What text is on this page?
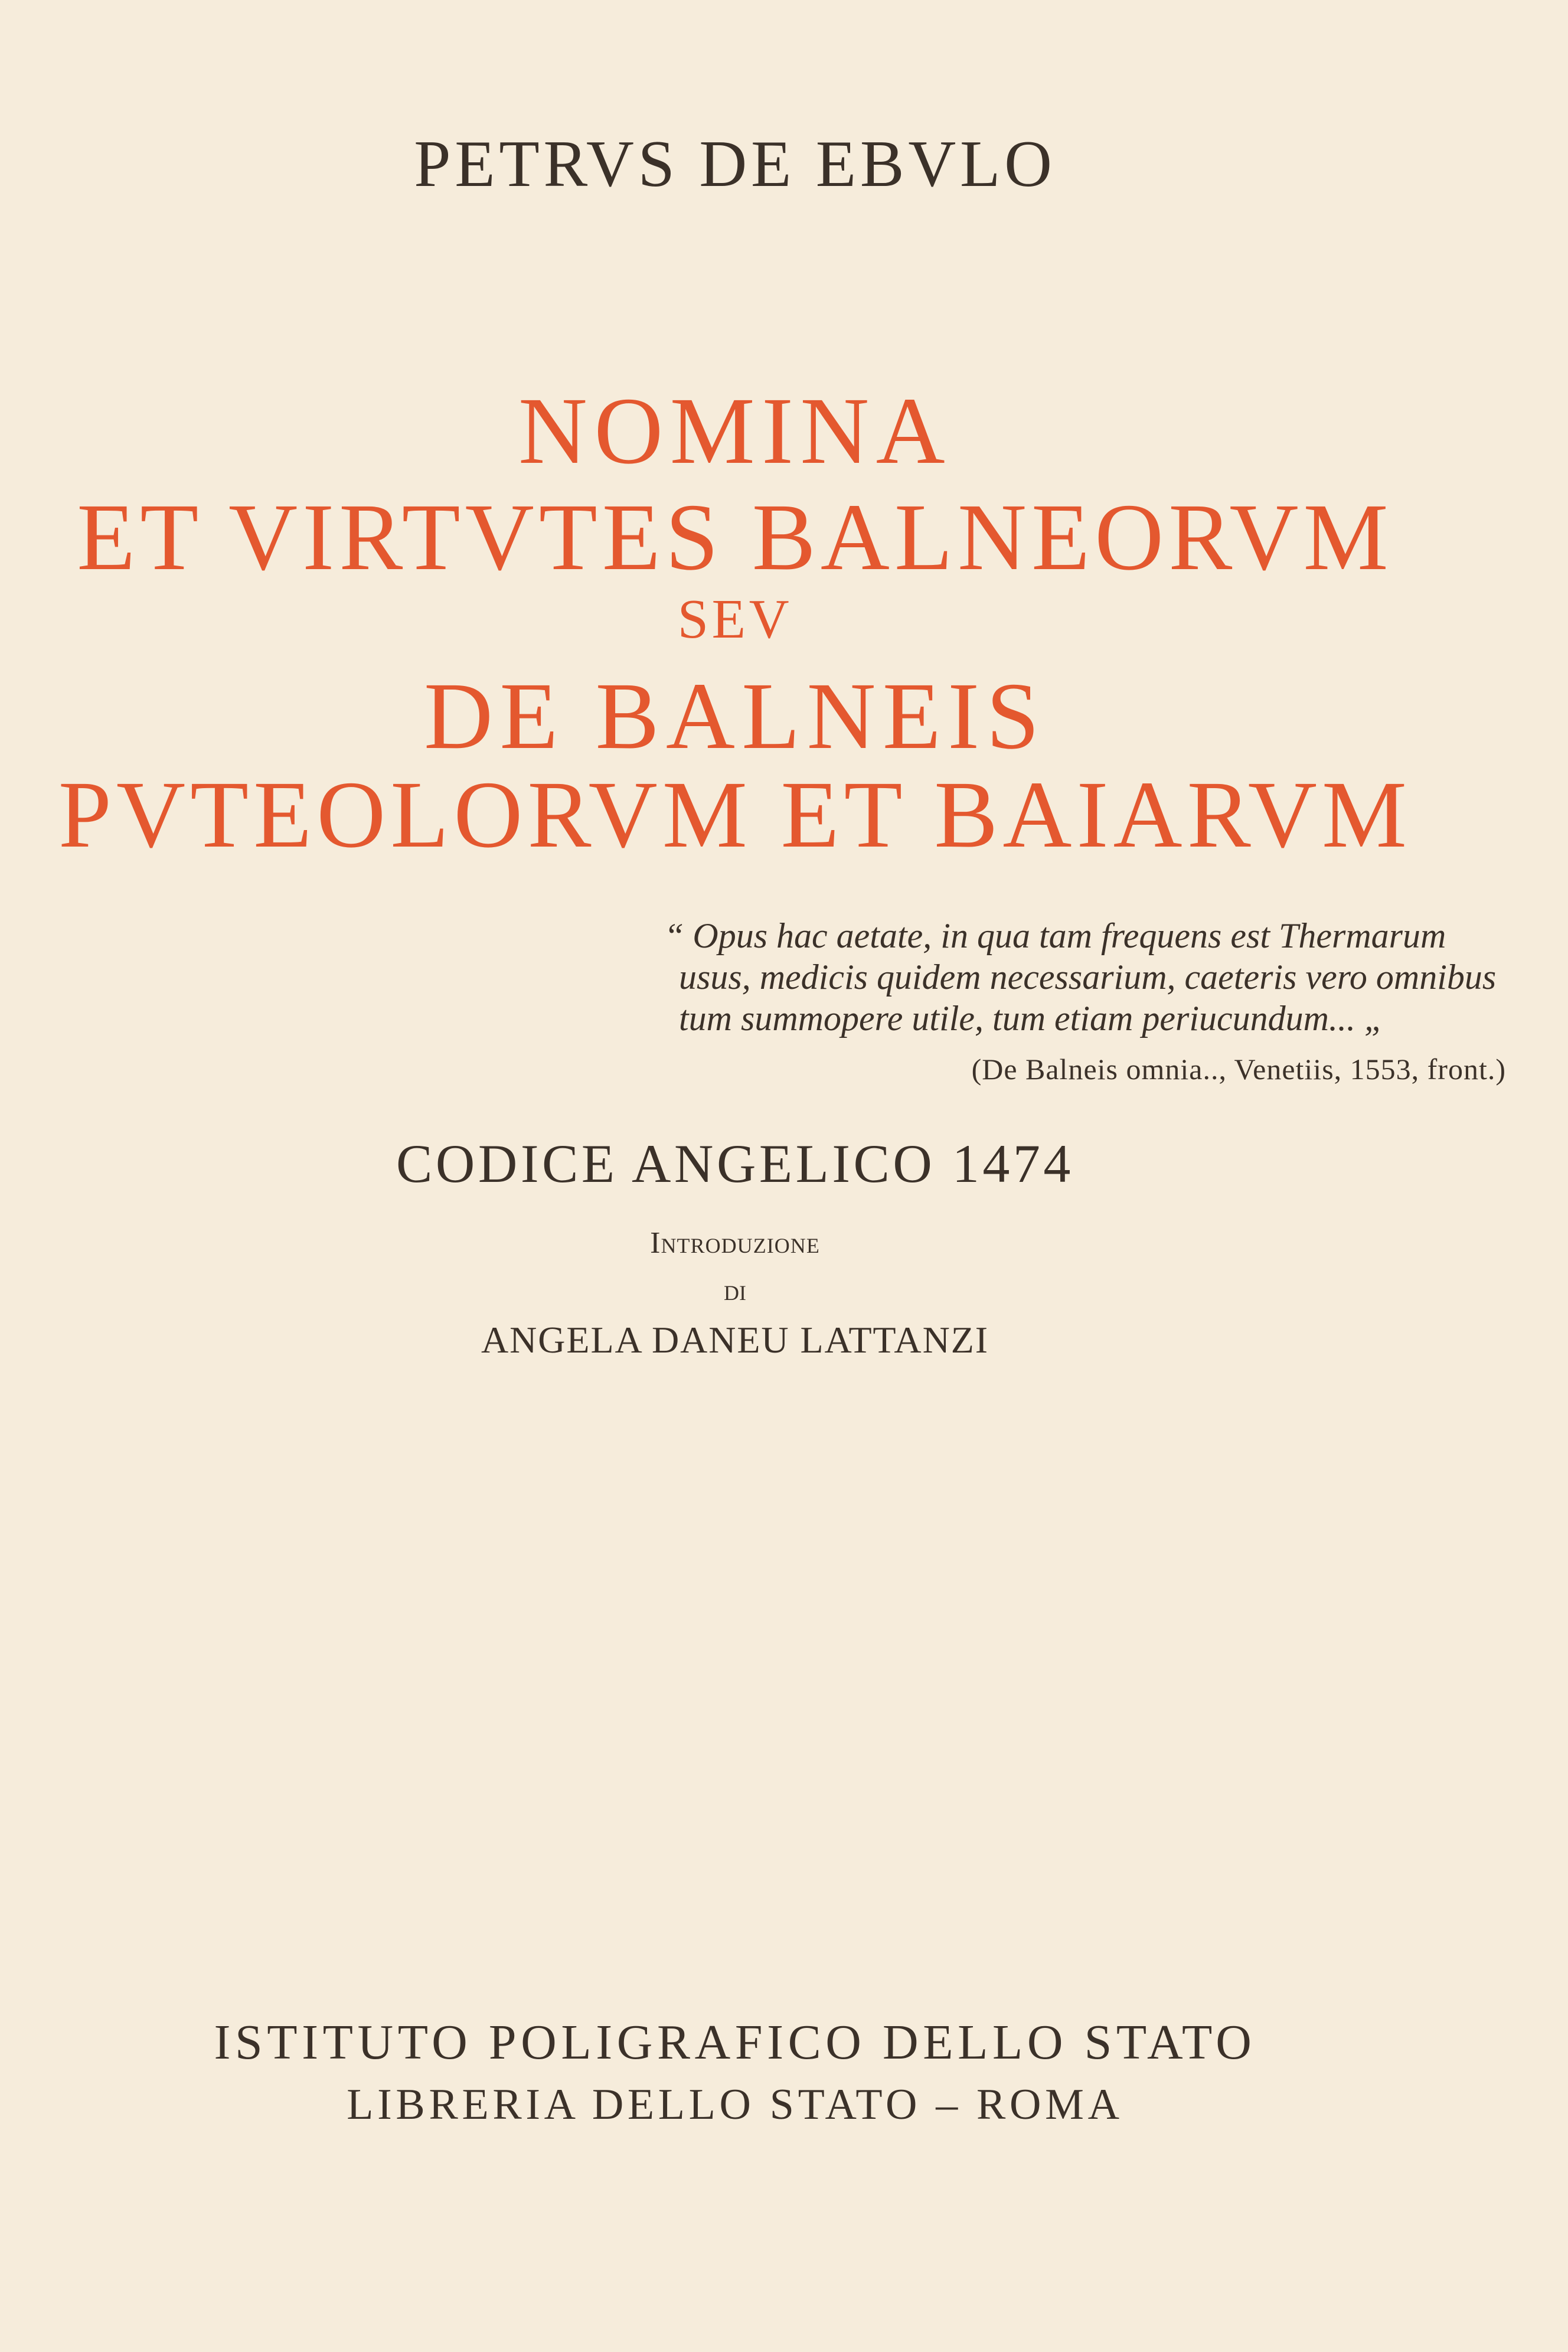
PETRVS DE EBVLO
NOMINA
ET VIRTVTES BALNEORVM
SEV
DE BALNEIS
PVTEOLORVM ET BAIARVM
“ Opus hac aetate, in qua tam frequens est Thermarum
usus, medicis quidem necessarium, caeteris vero omnibus
tum summopere utile, tum etiam periucundum... „
(De Balneis omnia.., Venetiis, 1553, front.)
CODICE ANGELICO 1474
Introduzione
di
ANGELA DANEU LATTANZI
ISTITUTO POLIGRAFICO DELLO STATO
LIBRERIA DELLO STATO – ROMA
